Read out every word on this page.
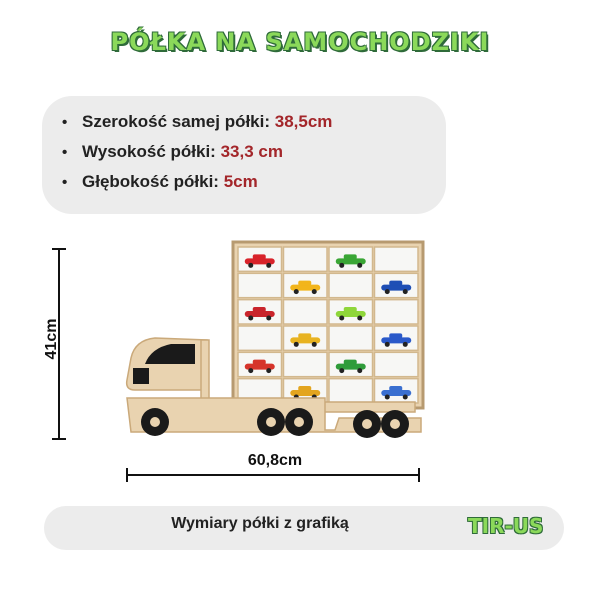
PÓŁKA NA SAMOCHODZIKI
• Szerokość samej półki: 38,5cm
• Wysokość półki: 33,3 cm
• Głębokość półki: 5cm
41cm
60,8cm
Wymiary półki z grafiką	TIR-US
